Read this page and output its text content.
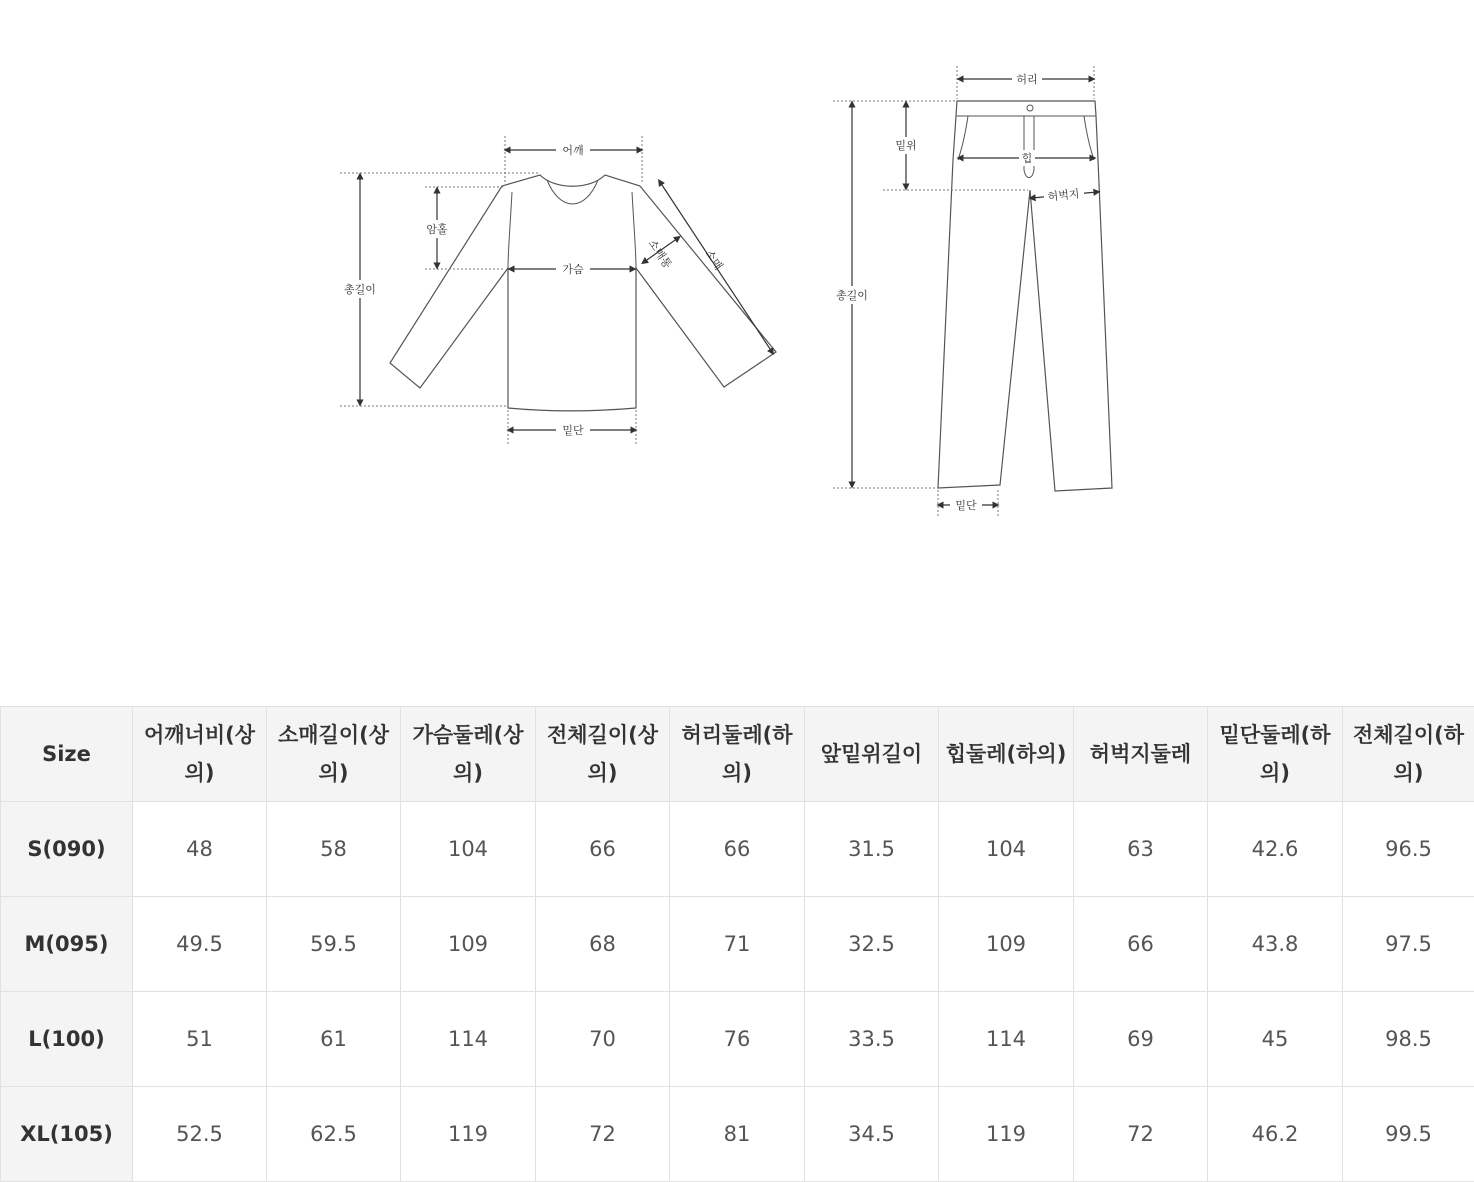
어깨
암홀
가슴	소매통	소매
총길이
밑단
허리
밑위
힙
허벅지
총길이
밑단
Size	어깨너비(상의)	소매길이(상의)	가슴둘레(상의)	전체길이(상의)	허리둘레(하의)	앞밑위길이	힙둘레(하의)	허벅지둘레	밑단둘레(하의)	전체길이(하의)
S(090)	48	58	104	66	66	31.5	104	63	42.6	96.5
M(095)	49.5	59.5	109	68	71	32.5	109	66	43.8	97.5
L(100)	51	61	114	70	76	33.5	114	69	45	98.5
XL(105)	52.5	62.5	119	72	81	34.5	119	72	46.2	99.5
